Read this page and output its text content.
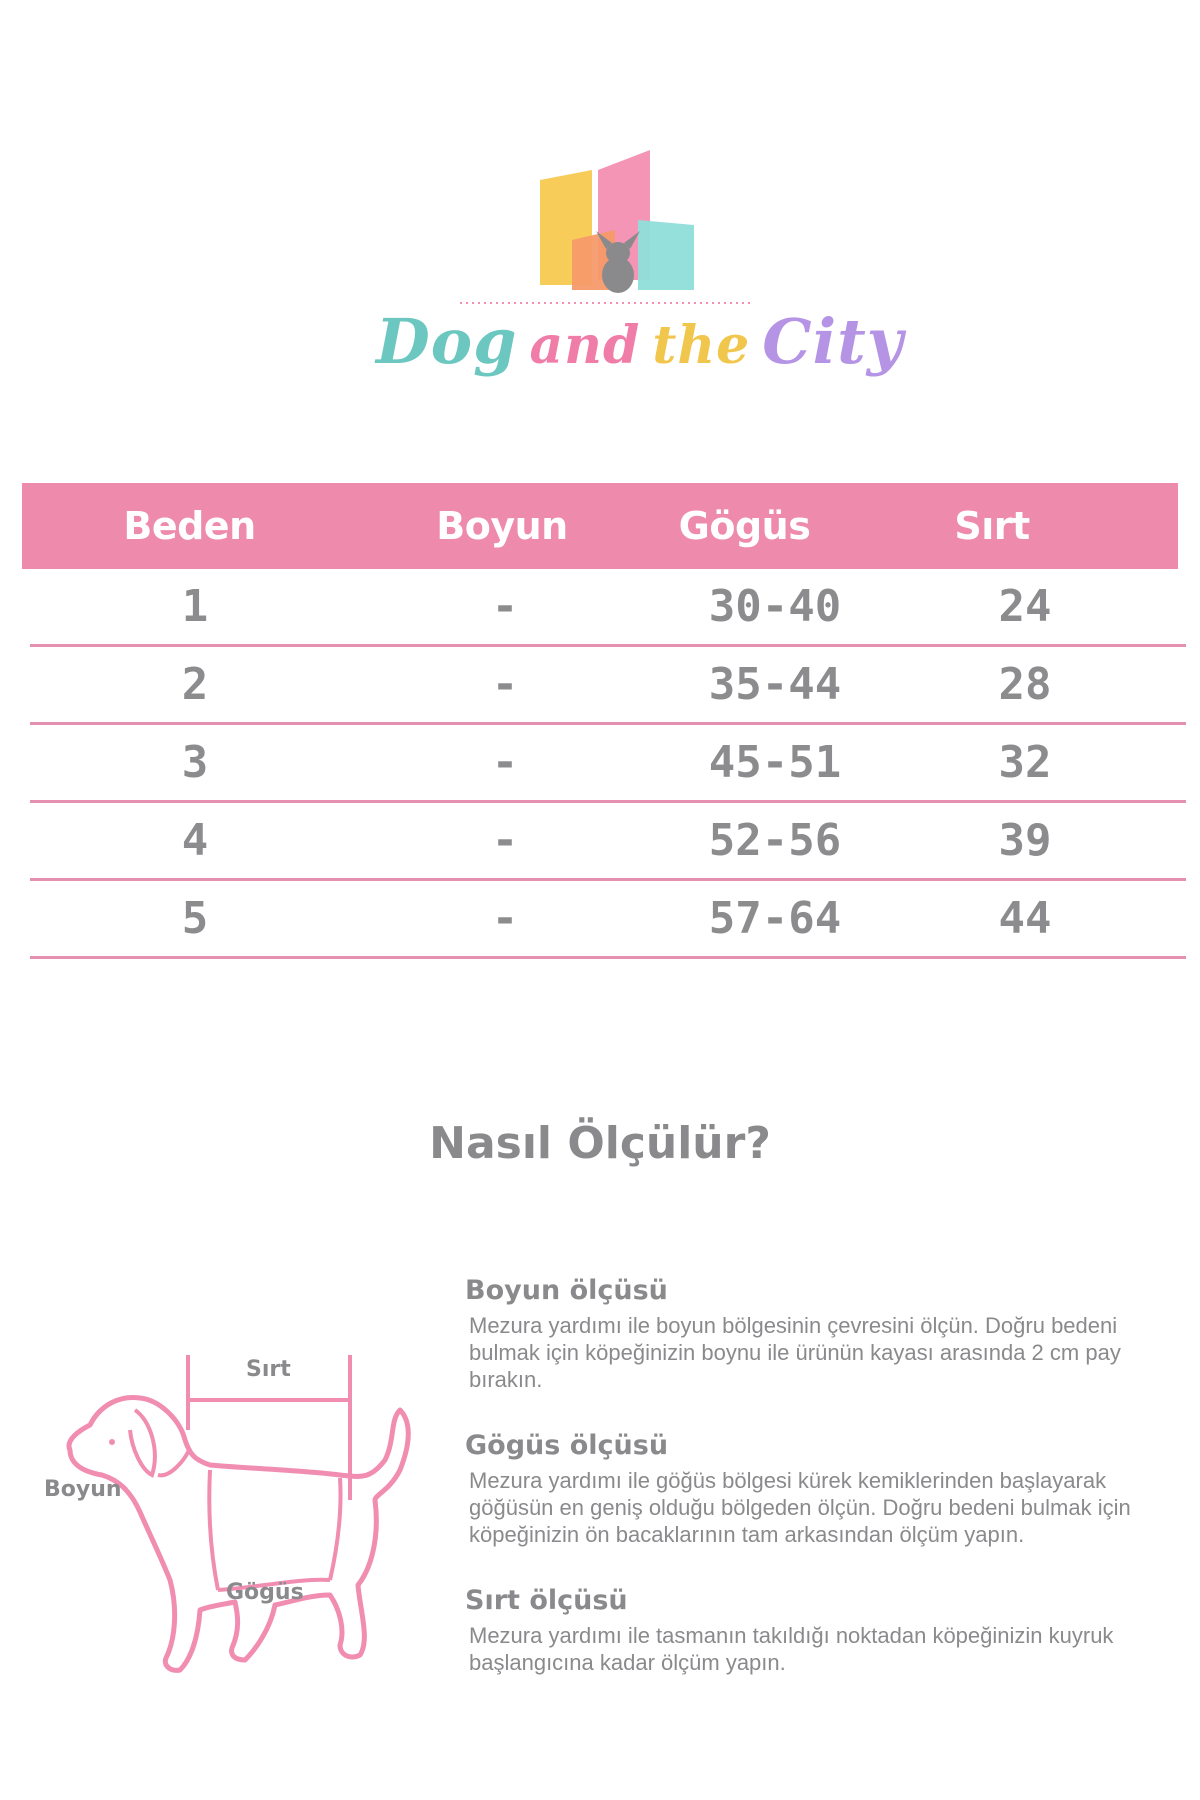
Dog and the City
Beden	Boyun	Gögüs	Sırt
1	-	30-40	24
2	-	35-44	28
3	-	45-51	32
4	-	52-56	39
5	-	57-64	44
Nasıl Ölçülür?
Sırt
Boyun
Gögüs
Boyun ölçüsü

Mezura yardımı ile boyun bölgesinin çevresini ölçün. Doğru bedeni bulmak için köpeğinizin boynu ile ürünün kayası arasında 2 cm pay bırakın.

Gögüs ölçüsü

Mezura yardımı ile göğüs bölgesi kürek kemiklerinden başlayarak göğüsün en geniş olduğu bölgeden ölçün. Doğru bedeni bulmak için köpeğinizin ön bacaklarının tam arkasından ölçüm yapın.

Sırt ölçüsü

Mezura yardımı ile tasmanın takıldığı noktadan köpeğinizin kuyruk başlangıcına kadar ölçüm yapın.
